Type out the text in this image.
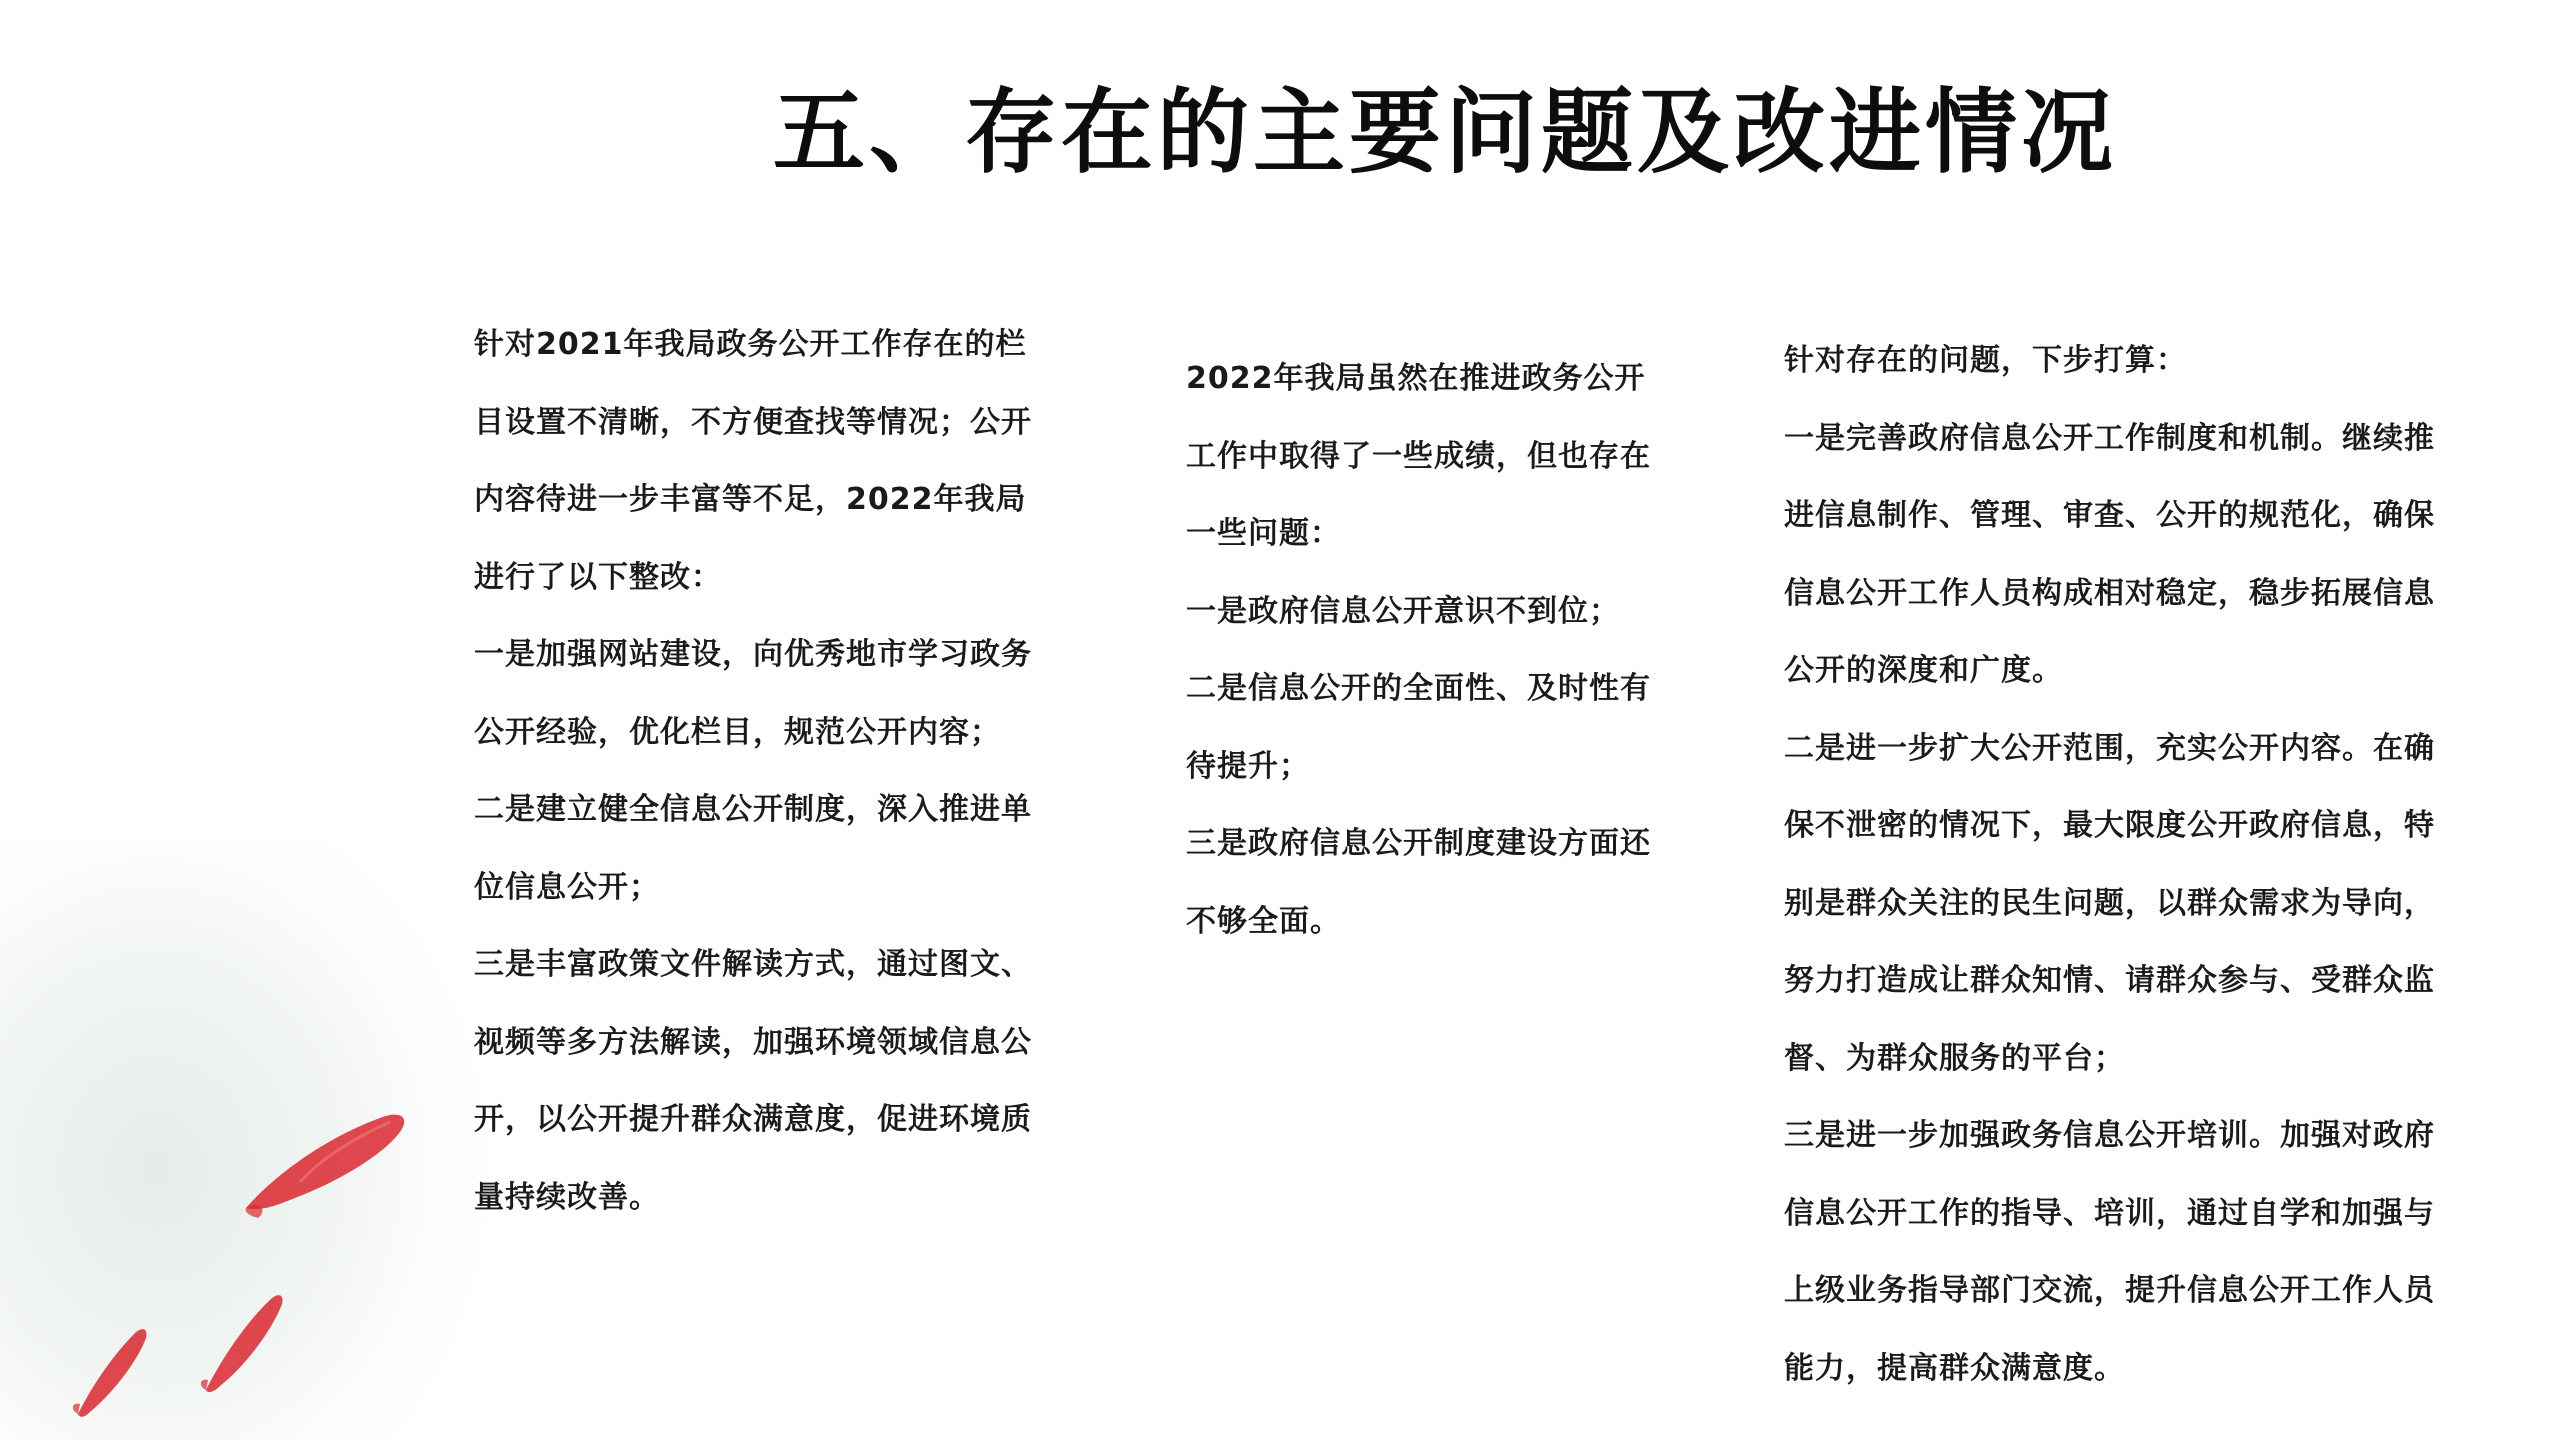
五、存在的主要问题及改进情况

针对2021年我局政务公开工作存在的栏目设置不清晰，不方便查找等情况；公开内容待进一步丰富等不足，2022年我局进行了以下整改：

一是加强网站建设，向优秀地市学习政务公开经验，优化栏目，规范公开内容；

二是建立健全信息公开制度，深入推进单位信息公开；

三是丰富政策文件解读方式，通过图文、视频等多方法解读，加强环境领域信息公开，以公开提升群众满意度，促进环境质量持续改善。

2022年我局虽然在推进政务公开工作中取得了一些成绩，但也存在一些问题：

一是政府信息公开意识不到位；

二是信息公开的全面性、及时性有待提升；

三是政府信息公开制度建设方面还不够全面。

针对存在的问题，下步打算：

一是完善政府信息公开工作制度和机制。继续推进信息制作、管理、审查、公开的规范化，确保信息公开工作人员构成相对稳定，稳步拓展信息公开的深度和广度。

二是进一步扩大公开范围，充实公开内容。在确保不泄密的情况下，最大限度公开政府信息，特别是群众关注的民生问题，以群众需求为导向，努力打造成让群众知情、请群众参与、受群众监督、为群众服务的平台；

三是进一步加强政务信息公开培训。加强对政府信息公开工作的指导、培训，通过自学和加强与上级业务指导部门交流，提升信息公开工作人员能力，提高群众满意度。
